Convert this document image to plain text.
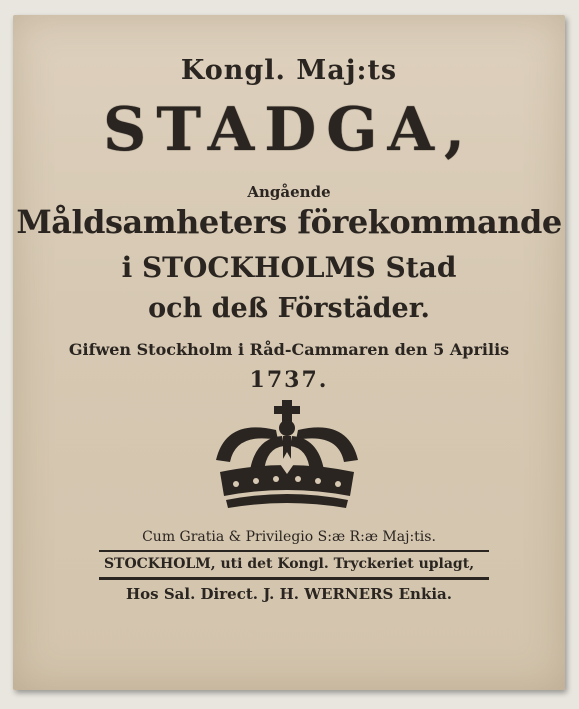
Kongl. Maj:ts
STADGA,
Angående
Måldsamheters förekommande
i STOCKHOLMS Stad
och deß Förstäder.
Gifwen Stockholm i Råd-Cammaren den 5 Aprilis
1737.
Cum Gratia & Privilegio S:æ R:æ Maj:tis.
STOCKHOLM, uti det Kongl. Tryckeriet uplagt,
Hos Sal. Direct. J. H. WERNERS Enkia.
